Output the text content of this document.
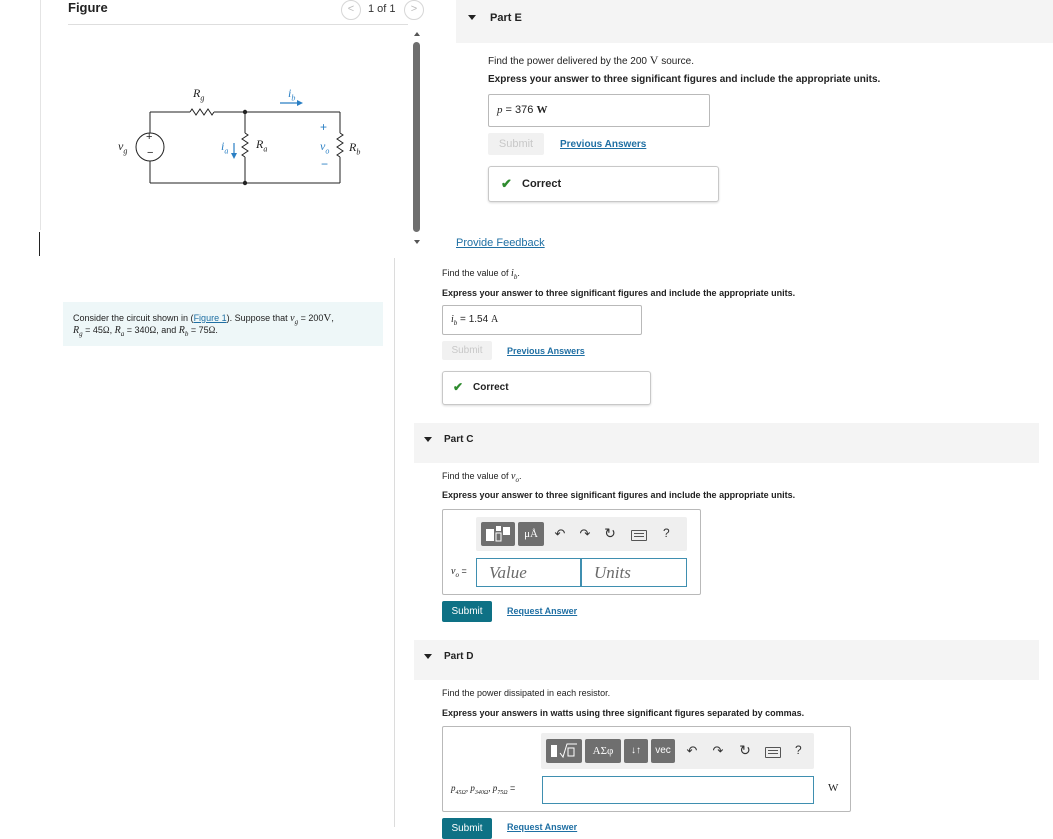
Figure	<	1 of 1	>
+
−
$v_g$
$R_g$	$i_b$
$i_a$ $R_a$
+
$v_o$
−
$R_b$
Consider the circuit shown in (Figure 1). Suppose that $v_g = 200V$,
$R_g = 45\Omega$, $R_a = 340\Omega$, and $R_b = 75\Omega$.
Part E
Find the power delivered by the 200 V source.
Express your answer to three significant figures and include the appropriate units.
p = 376 W
Submit	Previous Answers
✔ Correct
Provide Feedback
Find the value of $i_b$.
Express your answer to three significant figures and include the appropriate units.
$i_b = 1.54$ A
Submit	Previous Answers
✔ Correct
Part C
Find the value of $v_o$.
Express your answer to three significant figures and include the appropriate units.
μÅ	↶ ↷ ↻	?
$v_o$ = Value	Units
Submit	Request Answer
Part D
Find the power dissipated in each resistor.
Express your answers in watts using three significant figures separated by commas.
ΑΣφ	↓↑	vec	↶ ↷ ↻	?
$p_{45\Omega}$, $p_{340\Omega}$, $p_{75\Omega}$ =	W
Submit	Request Answer
